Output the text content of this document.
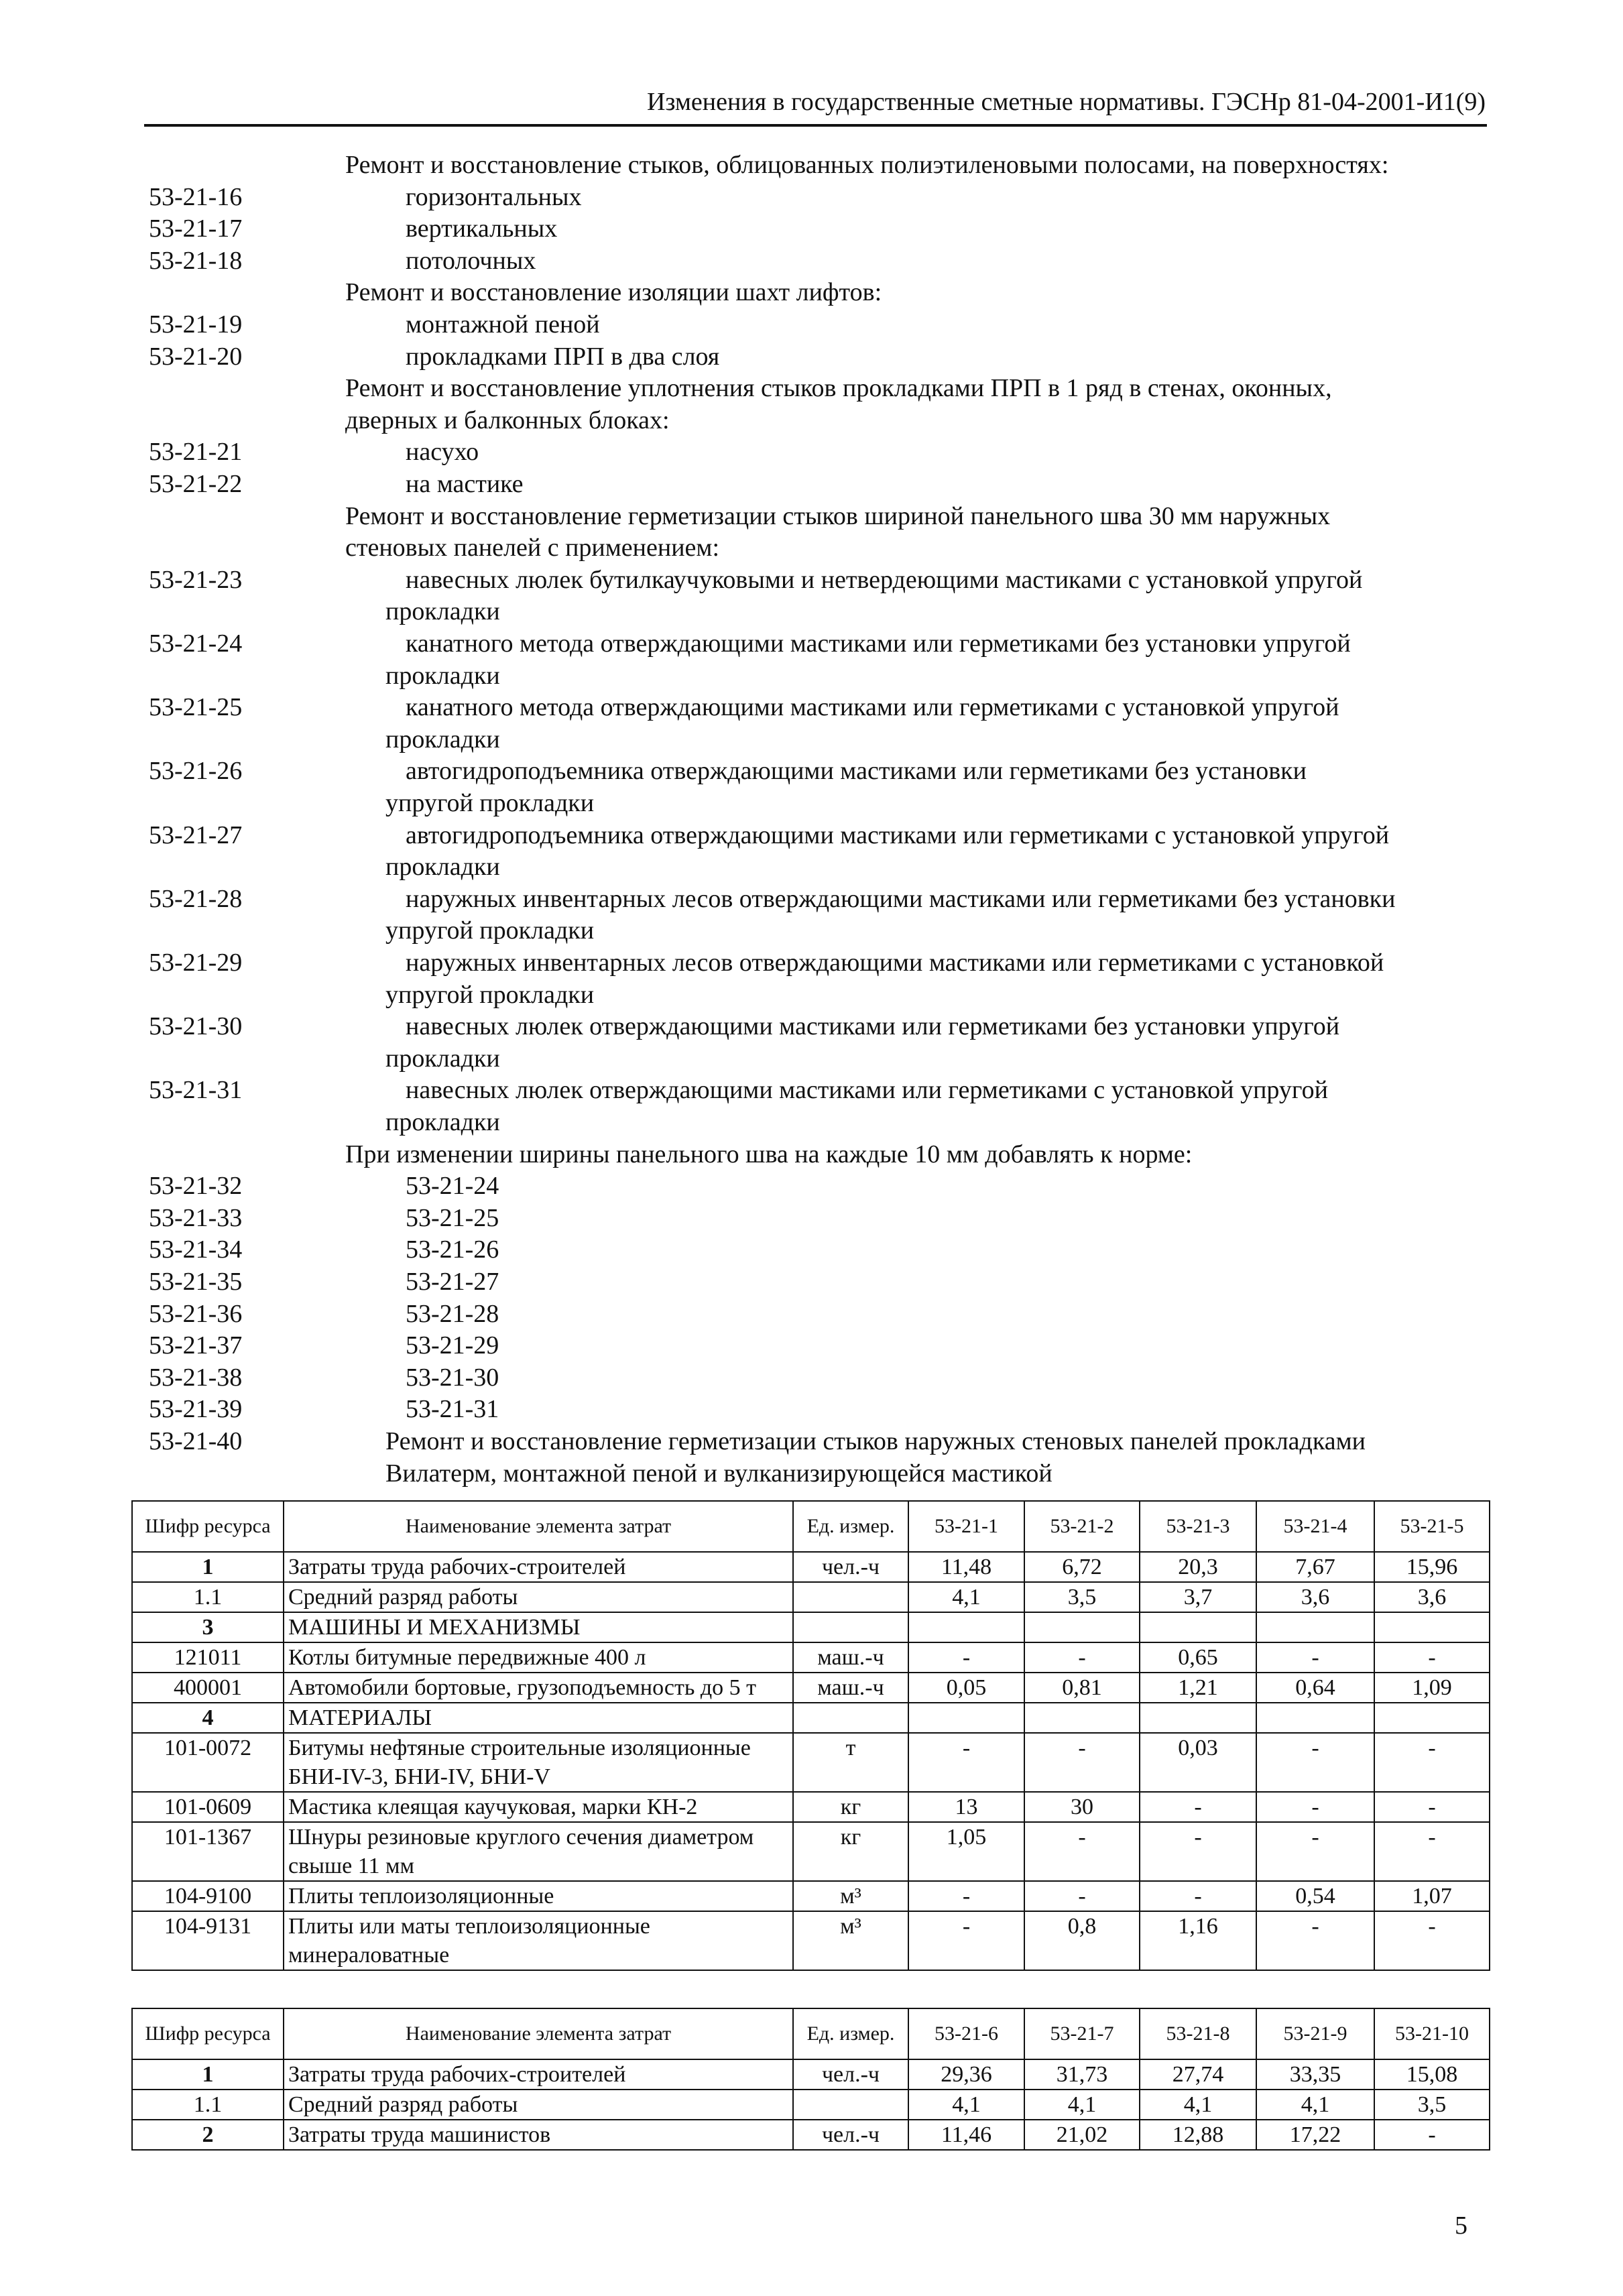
Изменения в государственные сметные нормативы. ГЭСНр 81-04-2001-И1(9)
Ремонт и восстановление стыков, облицованных полиэтиленовыми полосами, на поверхностях:
53-21-16	горизонтальных
53-21-17	вертикальных
53-21-18	потолочных
Ремонт и восстановление изоляции шахт лифтов:
53-21-19	монтажной пеной
53-21-20	прокладками ПРП в два слоя
Ремонт и восстановление уплотнения стыков прокладками ПРП в 1 ряд в стенах, оконных,
дверных и балконных блоках:
53-21-21	насухо
53-21-22	на мастике
Ремонт и восстановление герметизации стыков шириной панельного шва 30 мм наружных
стеновых панелей с применением:
53-21-23	навесных люлек бутилкаучуковыми и нетвердеющими мастиками с установкой упругой
прокладки
53-21-24	канатного метода отверждающими мастиками или герметиками без установки упругой
прокладки
53-21-25	канатного метода отверждающими мастиками или герметиками с установкой упругой
прокладки
53-21-26	автогидроподъемника отверждающими мастиками или герметиками без установки
упругой прокладки
53-21-27	автогидроподъемника отверждающими мастиками или герметиками с установкой упругой
прокладки
53-21-28	наружных инвентарных лесов отверждающими мастиками или герметиками без установки
упругой прокладки
53-21-29	наружных инвентарных лесов отверждающими мастиками или герметиками с установкой
упругой прокладки
53-21-30	навесных люлек отверждающими мастиками или герметиками без установки упругой
прокладки
53-21-31	навесных люлек отверждающими мастиками или герметиками с установкой упругой
прокладки
При изменении ширины панельного шва на каждые 10 мм добавлять к норме:
53-21-32	53-21-24
53-21-33	53-21-25
53-21-34	53-21-26
53-21-35	53-21-27
53-21-36	53-21-28
53-21-37	53-21-29
53-21-38	53-21-30
53-21-39	53-21-31
53-21-40	Ремонт и восстановление герметизации стыков наружных стеновых панелей прокладками
Вилатерм, монтажной пеной и вулканизирующейся мастикой
Шифр ресурса	Наименование элемента затрат	Ед. измер.	53-21-1	53-21-2	53-21-3	53-21-4	53-21-5
1	Затраты труда рабочих-строителей	чел.-ч	11,48	6,72	20,3	7,67	15,96
1.1	Средний разряд работы		4,1	3,5	3,7	3,6	3,6
3	МАШИНЫ И МЕХАНИЗМЫ						
121011	Котлы битумные передвижные 400 л	маш.-ч	-	-	0,65	-	-
400001	Автомобили бортовые, грузоподъемность до 5 т	маш.-ч	0,05	0,81	1,21	0,64	1,09
4	МАТЕРИАЛЫ						
101-0072	Битумы нефтяные строительные изоляционные БНИ-IV-3, БНИ-IV, БНИ-V	т	-	-	0,03	-	-
101-0609	Мастика клеящая каучуковая, марки КН-2	кг	13	30	-	-	-
101-1367	Шнуры резиновые круглого сечения диаметром свыше 11 мм	кг	1,05	-	-	-	-
104-9100	Плиты теплоизоляционные	м³	-	-	-	0,54	1,07
104-9131	Плиты или маты теплоизоляционные минераловатные	м³	-	0,8	1,16	-	-
Шифр ресурса	Наименование элемента затрат	Ед. измер.	53-21-6	53-21-7	53-21-8	53-21-9	53-21-10
1	Затраты труда рабочих-строителей	чел.-ч	29,36	31,73	27,74	33,35	15,08
1.1	Средний разряд работы		4,1	4,1	4,1	4,1	3,5
2	Затраты труда машинистов	чел.-ч	11,46	21,02	12,88	17,22	-
5
